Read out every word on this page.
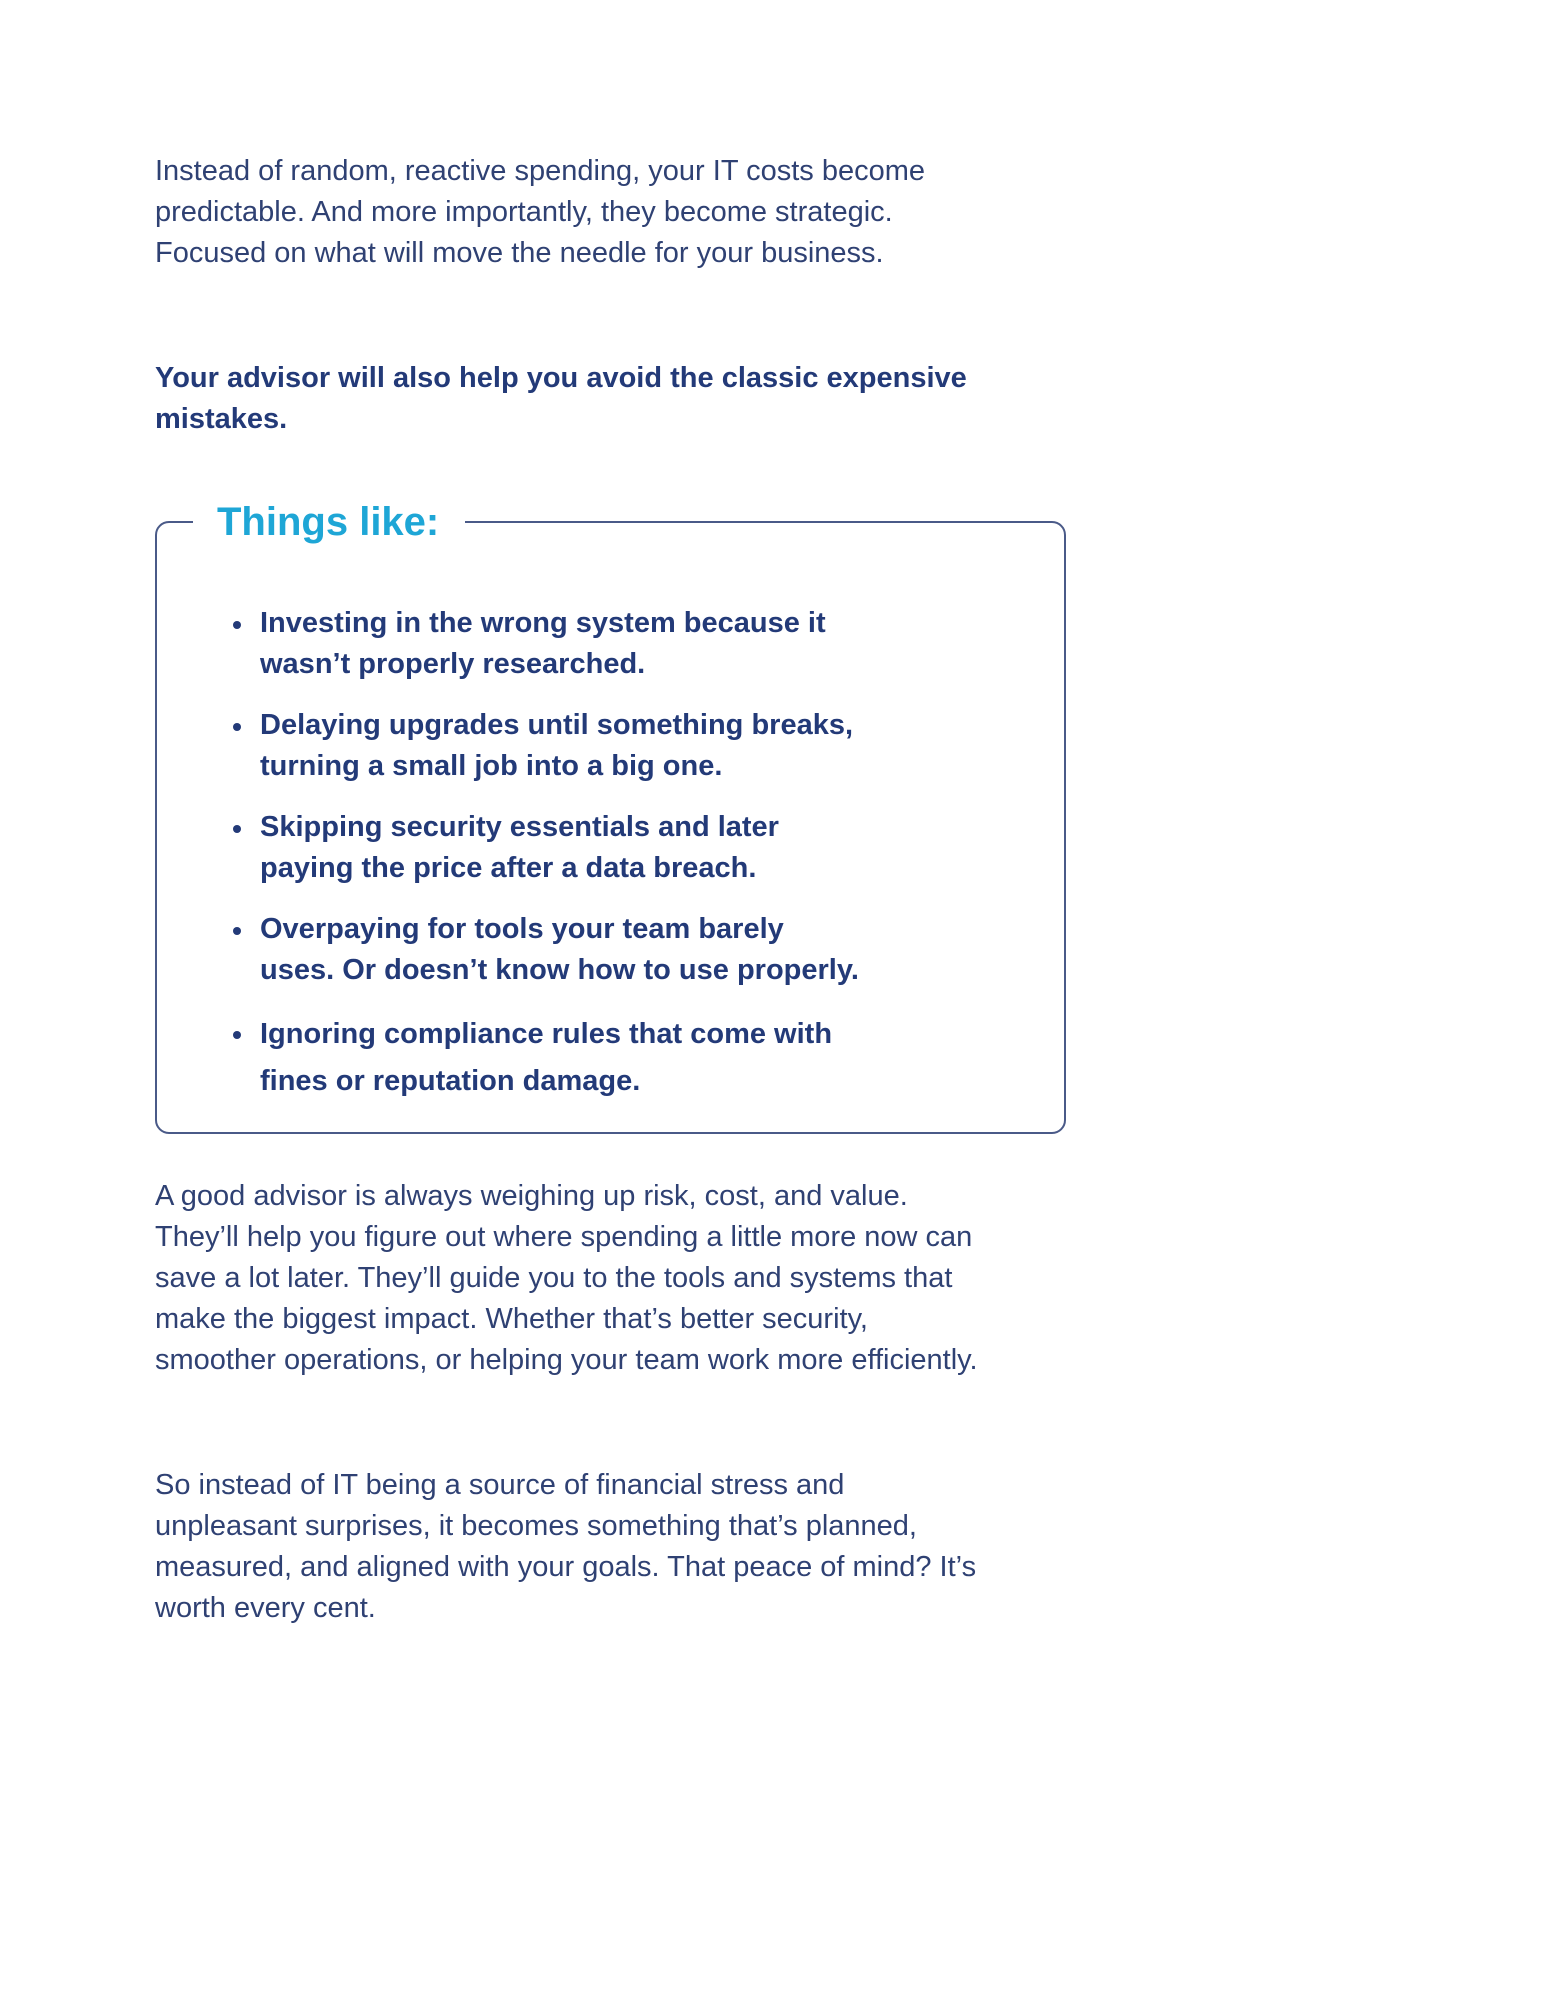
Instead of random, reactive spending, your IT costs become predictable. And more importantly, they become strategic. Focused on what will move the needle for your business.

Your advisor will also help you avoid the classic expensive mistakes.

Things like:
Investing in the wrong system because it wasn’t properly researched.
Delaying upgrades until something breaks, turning a small job into a big one.
Skipping security essentials and later paying the price after a data breach.
Overpaying for tools your team barely uses. Or doesn’t know how to use properly.
Ignoring compliance rules that come with fines or reputation damage.

A good advisor is always weighing up risk, cost, and value. They’ll help you figure out where spending a little more now can save a lot later. They’ll guide you to the tools and systems that make the biggest impact. Whether that’s better security, smoother operations, or helping your team work more efficiently.

So instead of IT being a source of financial stress and unpleasant surprises, it becomes something that’s planned, measured, and aligned with your goals. That peace of mind? It’s worth every cent.
